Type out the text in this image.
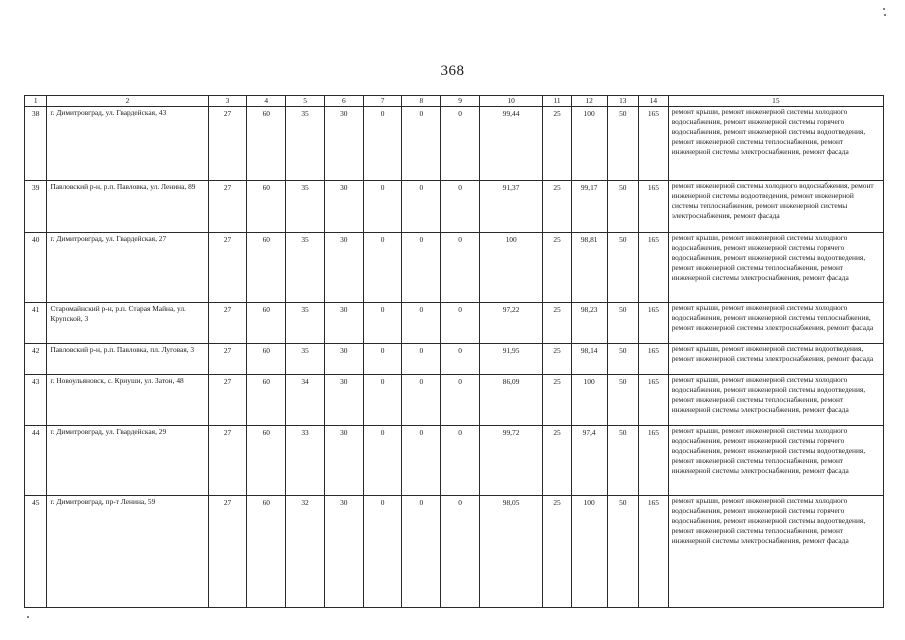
368
1	2	3	4	5	6	7	8	9	10	11	12	13	14	15
38	г. Димитровград, ул. Гвардейская, 43	27	60	35	30	0	0	0	99,44	25	100	50	165	ремонт крыши, ремонт инженерной системы холодного водоснабжения, ремонт инженерной системы горячего водоснабжения, ремонт инженерной системы водоотведения, ремонт инженерной системы теплоснабжения, ремонт инженерной системы электроснабжения, ремонт фасада
39	Павловский р-н, р.п. Павловка, ул. Ленина, 89	27	60	35	30	0	0	0	91,37	25	99,17	50	165	ремонт инженерной системы холодного водоснабжения, ремонт инженерной системы водоотведения, ремонт инженерной системы теплоснабжения, ремонт инженерной системы электроснабжения, ремонт фасада
40	г. Димитровград, ул. Гвардейская, 27	27	60	35	30	0	0	0	100	25	98,81	50	165	ремонт крыши, ремонт инженерной системы холодного водоснабжения, ремонт инженерной системы горячего водоснабжения, ремонт инженерной системы водоотведения, ремонт инженерной системы теплоснабжения, ремонт инженерной системы электроснабжения, ремонт фасада
41	Старомайнский р-н, р.п. Старая Майна, ул. Крупской, 3	27	60	35	30	0	0	0	97,22	25	98,23	50	165	ремонт крыши, ремонт инженерной системы холодного водоснабжения, ремонт инженерной системы теплоснабжения, ремонт инженерной системы электроснабжения, ремонт фасада
42	Павловский р-н, р.п. Павловка, пл. Луговая, 3	27	60	35	30	0	0	0	91,95	25	98,14	50	165	ремонт крыши, ремонт инженерной системы водоотведения, ремонт инженерной системы электроснабжения, ремонт фасада
43	г. Новоульяновск, с. Криуши, ул. Затон, 48	27	60	34	30	0	0	0	86,09	25	100	50	165	ремонт крыши, ремонт инженерной системы холодного водоснабжения, ремонт инженерной системы водоотведения, ремонт инженерной системы теплоснабжения, ремонт инженерной системы электроснабжения, ремонт фасада
44	г. Димитровград, ул. Гвардейская, 29	27	60	33	30	0	0	0	99,72	25	97,4	50	165	ремонт крыши, ремонт инженерной системы холодного водоснабжения, ремонт инженерной системы горячего водоснабжения, ремонт инженерной системы водоотведения, ремонт инженерной системы теплоснабжения, ремонт инженерной системы электроснабжения, ремонт фасада
45	г. Димитровград, пр-т Ленина, 59	27	60	32	30	0	0	0	98,05	25	100	50	165	ремонт крыши, ремонт инженерной системы холодного водоснабжения, ремонт инженерной системы горячего водоснабжения, ремонт инженерной системы водоотведения, ремонт инженерной системы теплоснабжения, ремонт инженерной системы электроснабжения, ремонт фасада
